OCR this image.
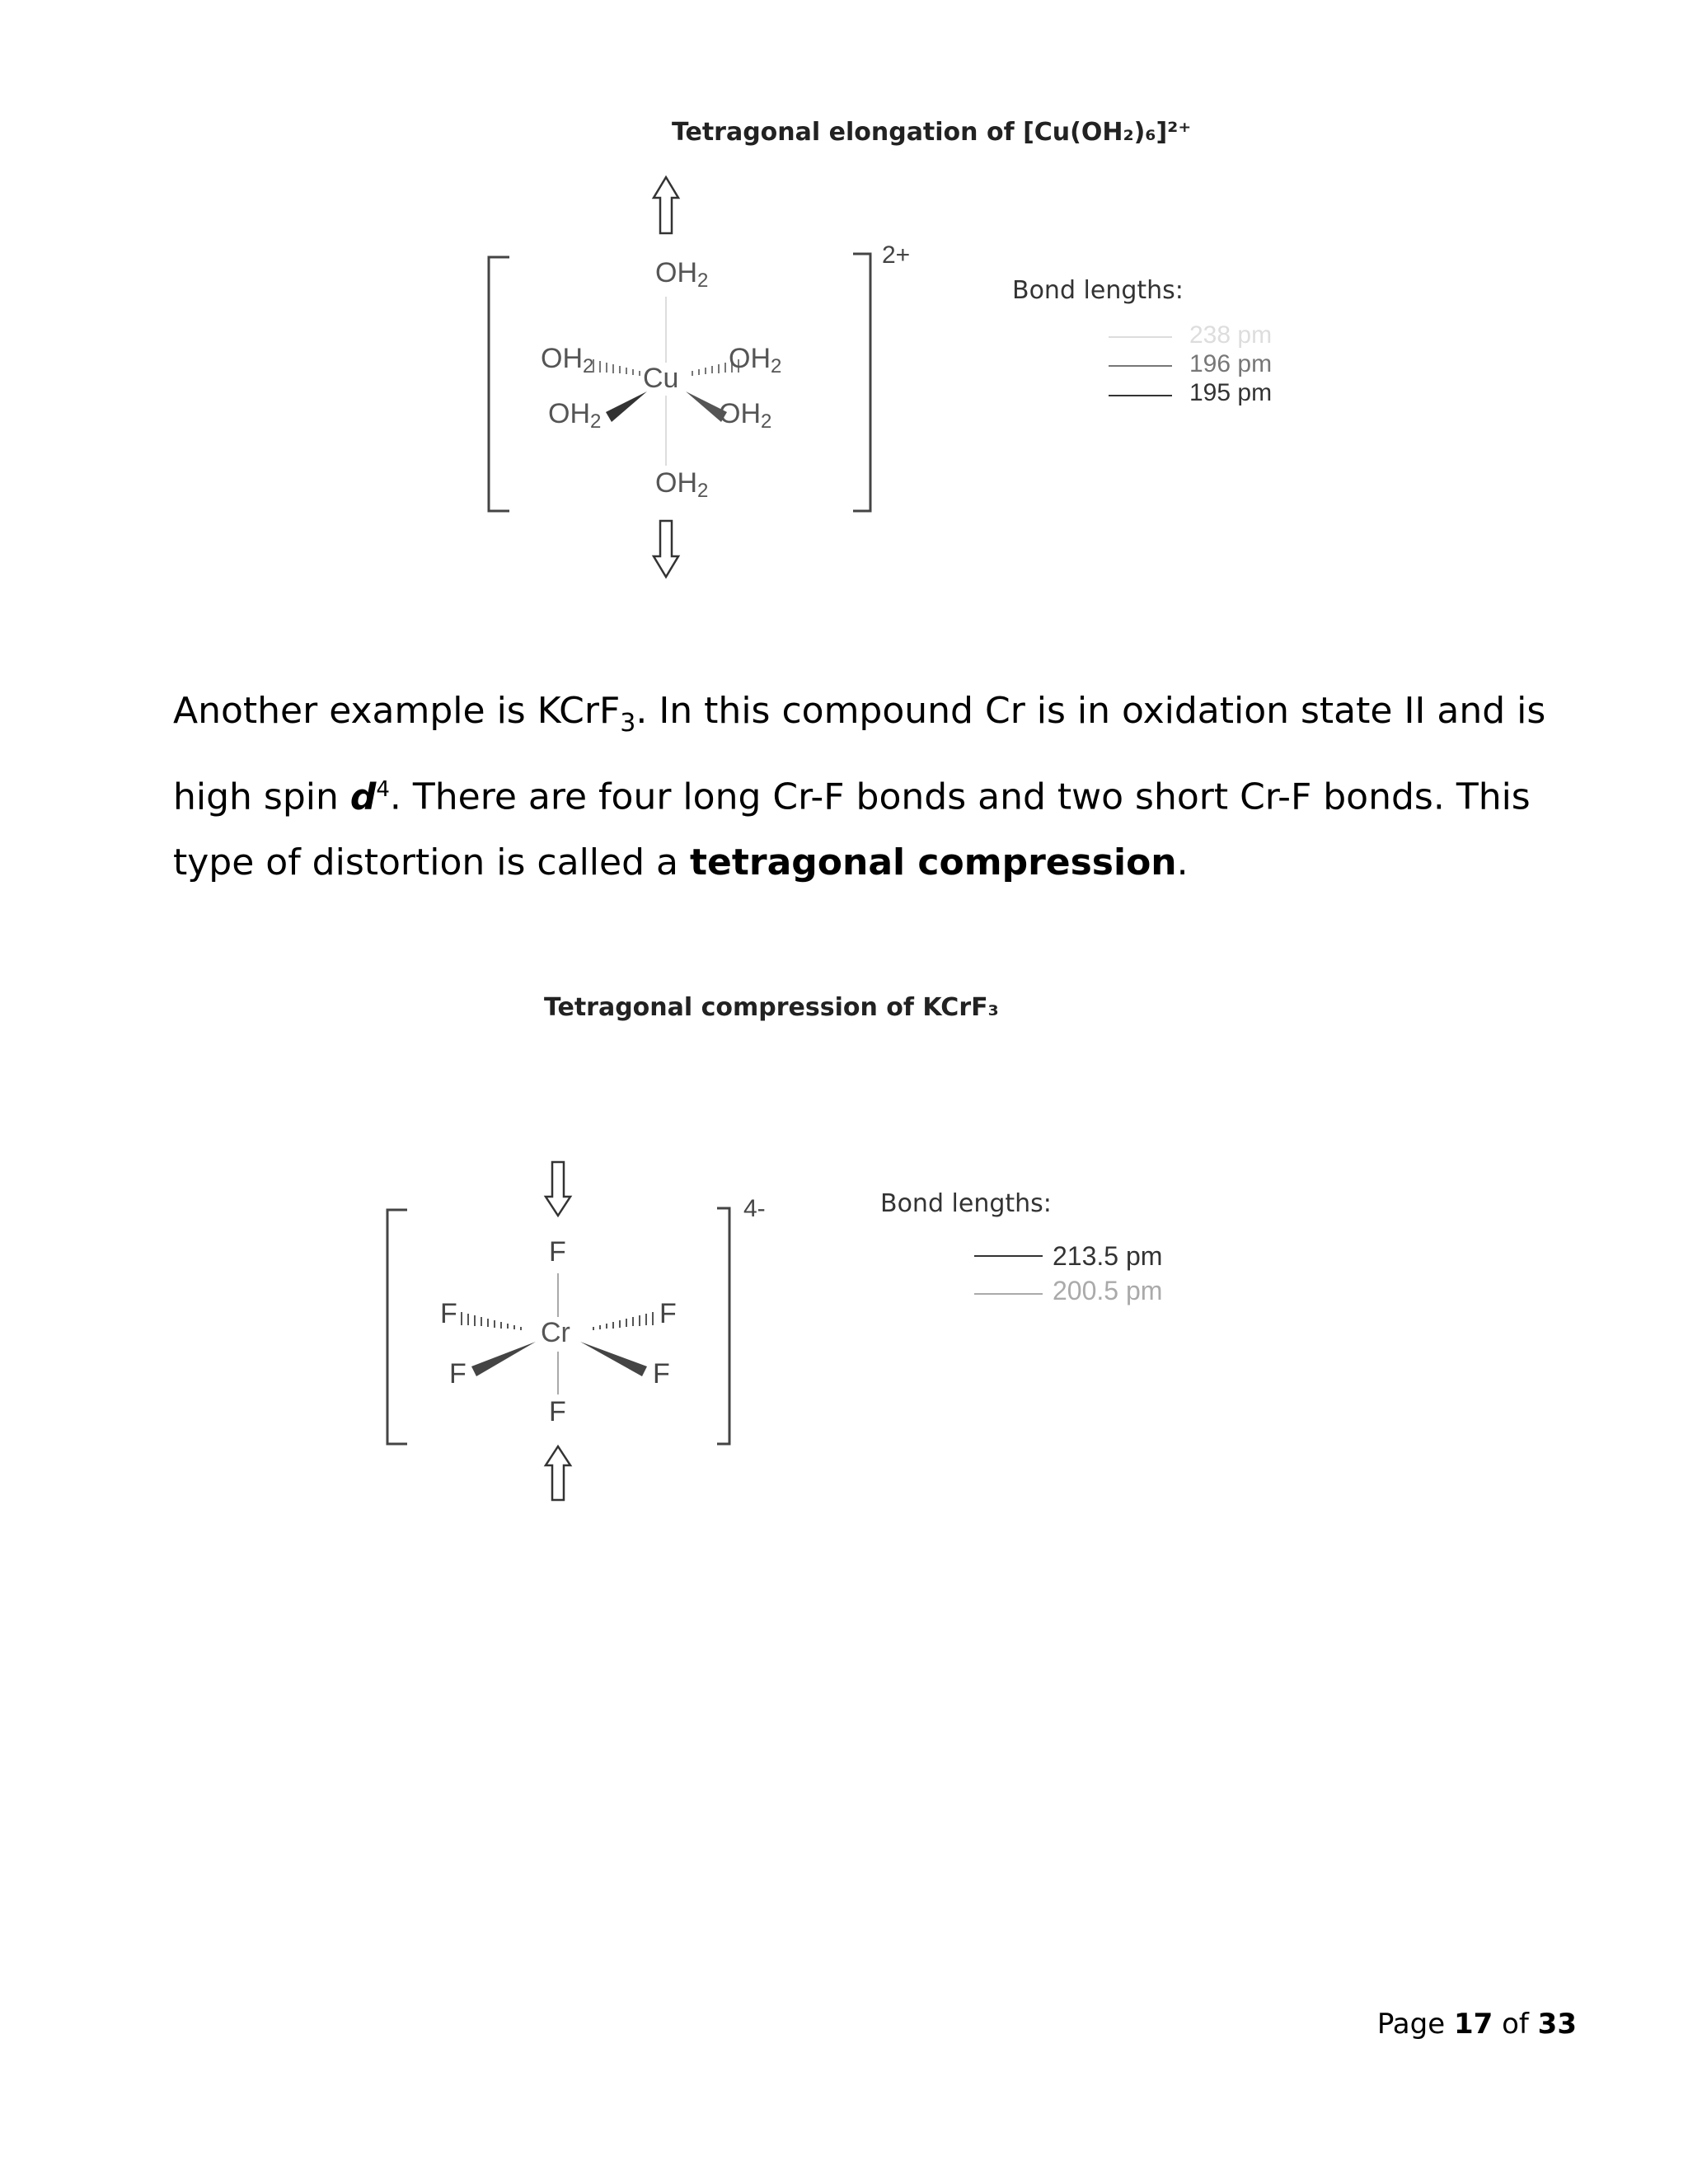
Tetragonal elongation of [Cu(OH₂)₆]²⁺
$OH_2$
$OH_2$	$OH_2$
Cu
$OH_2$	$OH_2$
$OH_2$
2+
Bond lengths:
238 pm
196 pm
195 pm
Another example is KCrF$_3$. In this compound Cr is in oxidation state II and is high spin $d^4$. There are four long Cr-F bonds and two short Cr-F bonds. This type of distortion is called a tetragonal compression.
Tetragonal compression of KCrF₃
F
F	F
Cr
F	F
F
4-	Bond lengths:
213.5 pm
200.5 pm
Page 17 of 33
